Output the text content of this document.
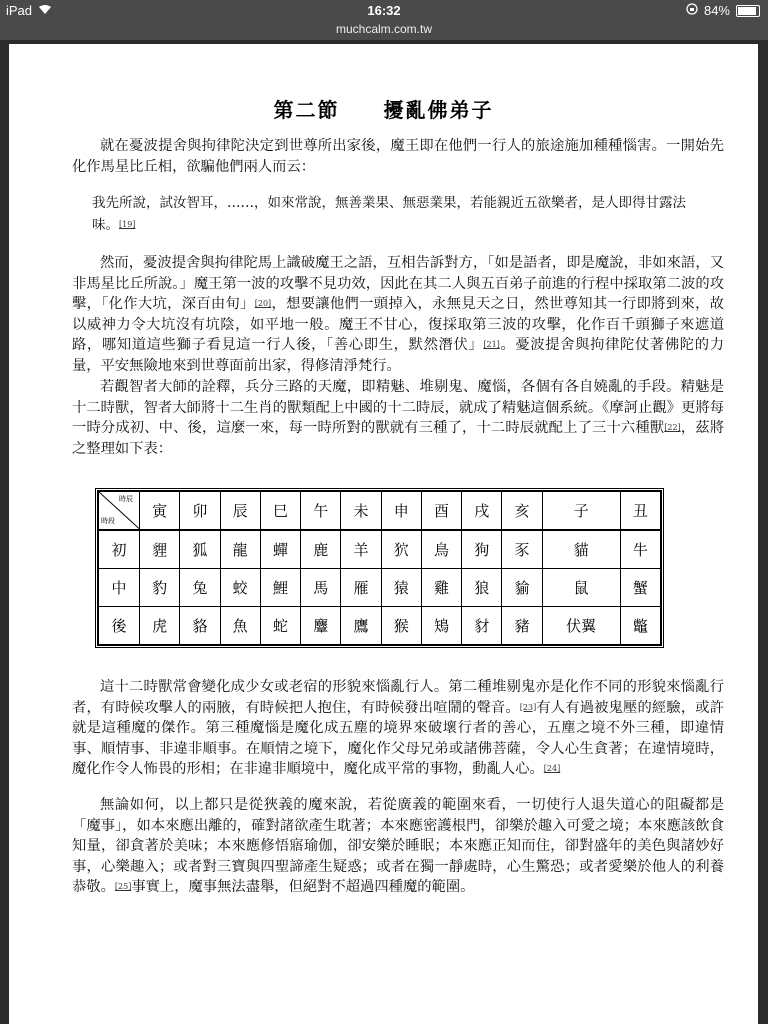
iPad	16:32	84%
muchcalm.com.tw
第二節　　擾亂佛弟子
就在憂波提舍與拘律陀決定到世尊所出家後，魔王即在他們一行人的旅途施加種種惱害。一開始先化作馬星比丘相，欲騙他們兩人而云：
我先所說，試汝智耳，……，如來常說，無善業果、無惡業果，若能親近五欲樂者，是人即得甘露法味。[19]
然而，憂波提舍與拘律陀馬上識破魔王之語，互相告訴對方，「如是語者，即是魔說，非如來語，又非馬星比丘所說。」魔王第一波的攻擊不見功效，因此在其二人與五百弟子前進的行程中採取第二波的攻擊，「化作大坑，深百由旬」[20]，想要讓他們一頭掉入，永無見天之日，然世尊知其一行即將到來，故以威神力令大坑沒有坑陰，如平地一般。魔王不甘心，復採取第三波的攻擊，化作百千頭獅子來遮道路，哪知道這些獅子看見這一行人後，「善心即生，默然潛伏」[21]。憂波提舍與拘律陀仗著佛陀的力量，平安無險地來到世尊面前出家，得修清淨梵行。
若觀智者大師的詮釋，兵分三路的天魔，即精魅、堆剔鬼、魔惱，各個有各自嬈亂的手段。精魅是十二時獸，智者大師將十二生肖的獸類配上中國的十二時辰，就成了精魅這個系統。《摩訶止觀》更將每一時分成初、中、後，這麼一來，每一時所對的獸就有三種了，十二時辰就配上了三十六種獸[22]，茲將之整理如下表：
時辰
時段	寅	卯	辰	巳	午	未	申	酉	戌	亥	子	丑
初	貍	狐	龍	蟬	鹿	羊	狖	鳥	狗	豕	貓	牛
中	豹	兔	蛟	鯉	馬	雁	猿	雞	狼	貐	鼠	蟹
後	虎	貉	魚	蛇	麞	鷹	猴	鴙	豺	豬	伏翼	鼈
這十二時獸常會變化成少女或老宿的形貌來惱亂行人。第二種堆剔鬼亦是化作不同的形貌來惱亂行者，有時候攻擊人的兩腋，有時候把人抱住，有時候發出喧鬧的聲音。[23]有人有過被鬼壓的經驗，或許就是這種魔的傑作。第三種魔惱是魔化成五塵的境界來破壞行者的善心，五塵之境不外三種，即違情事、順情事、非違非順事。在順情之境下，魔化作父母兄弟或諸佛菩薩，令人心生貪著；在違情境時，魔化作令人怖畏的形相；在非違非順境中，魔化成平常的事物，動亂人心。[24]
無論如何，以上都只是從狹義的魔來說，若從廣義的範圍來看，一切使行人退失道心的阻礙都是「魔事」，如本來應出離的，確對諸欲產生耽著；本來應密護根門，卻樂於趣入可愛之境；本來應該飲食知量，卻貪著於美味；本來應修悟寤瑜伽，卻安樂於睡眠；本來應正知而住，卻對盛年的美色與諸妙好事，心樂趣入；或者對三寶與四聖諦產生疑惑；或者在獨一靜處時，心生驚恐；或者愛樂於他人的利養恭敬。[25]事實上，魔事無法盡舉，但絕對不超過四種魔的範圍。
